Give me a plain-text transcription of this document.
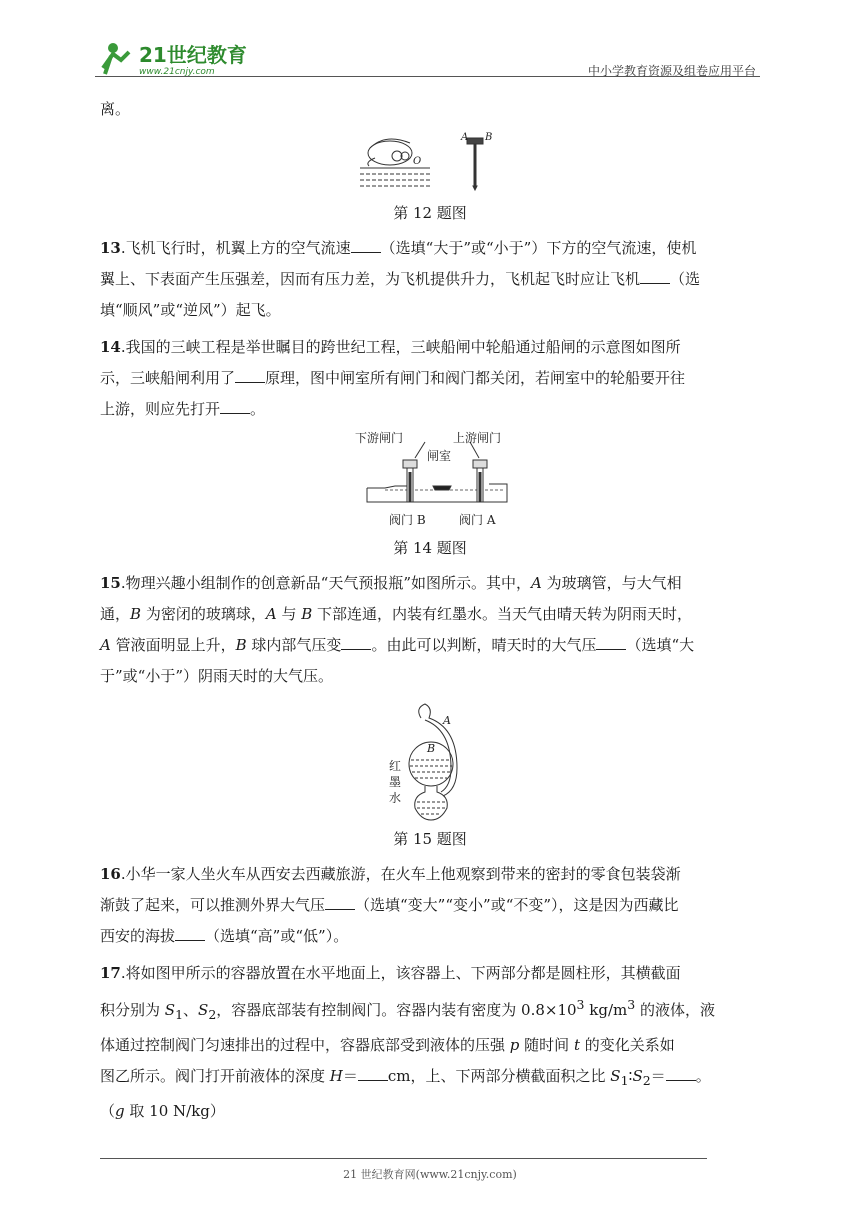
21世纪教育
www.21cnjy.com	中小学教育资源及组卷应用平台
离。
O
A B
第 12 题图
13.飞机飞行时，机翼上方的空气流速 （选填“大于”或“小于”）下方的空气流速，使机
翼上、下表面产生压强差，因而有压力差，为飞机提供升力，飞机起飞时应让飞机 （选
填“顺风”或“逆风”）起飞。
14.我国的三峡工程是举世瞩目的跨世纪工程，三峡船闸中轮船通过船闸的示意图如图所
示，三峡船闸利用了 原理，图中闸室所有闸门和阀门都关闭，若闸室中的轮船要开往
上游，则应先打开 。
下游闸门	上游闸门
闸室
阀门 B	阀门 A
第 14 题图
15.物理兴趣小组制作的创意新品“天气预报瓶”如图所示。其中，A 为玻璃管，与大气相
通，B 为密闭的玻璃球，A 与 B 下部连通，内装有红墨水。当天气由晴天转为阴雨天时，
A 管液面明显上升，B 球内部气压变 。由此可以判断，晴天时的大气压 （选填“大
于”或“小于”）阴雨天时的大气压。
A
B
红
墨
水
第 15 题图
16.小华一家人坐火车从西安去西藏旅游，在火车上他观察到带来的密封的零食包装袋渐
渐鼓了起来，可以推测外界大气压 （选填“变大”“变小”或“不变”），这是因为西藏比
西安的海拔 （选填“高”或“低”）。
17.将如图甲所示的容器放置在水平地面上，该容器上、下两部分都是圆柱形，其横截面
积分别为 $S_1$、$S_2$，容器底部装有控制阀门。容器内装有密度为 $0.8\times 10^3$ $kg/m^3$ 的液体，液
体通过控制阀门匀速排出的过程中，容器底部受到液体的压强 p 随时间 t 的变化关系如
图乙所示。阀门打开前液体的深度 H＝ cm，上、下两部分横截面积之比 $S_1∶S_2=$ 。
（g 取 10 N/kg）
21 世纪教育网(www.21cnjy.com)
